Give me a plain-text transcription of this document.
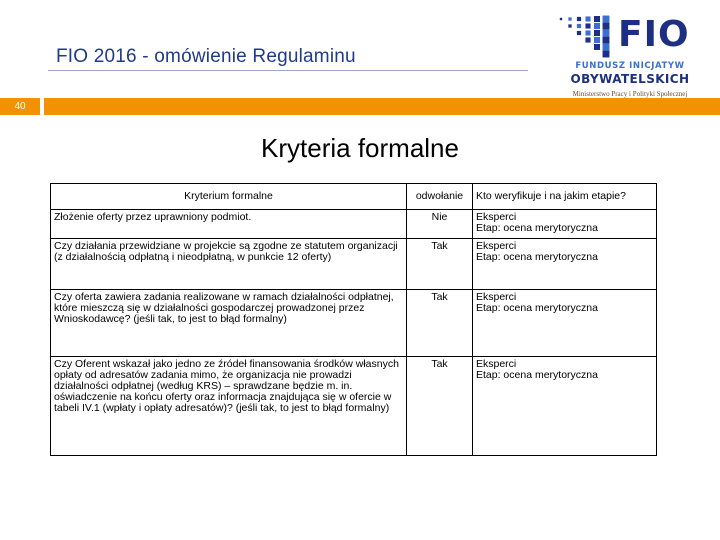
FIO 2016 - omówienie Regulaminu
FIO
FUNDUSZ INICJATYW
OBYWATELSKICH
Ministerstwo Pracy i Polityki Społecznej
40
Kryteria formalne
Kryterium formalne	odwołanie	Kto weryfikuje i na jakim etapie?
Złożenie oferty przez uprawniony podmiot.	Nie	Eksperci
Etap: ocena merytoryczna

Czy działania przewidziane w projekcie są zgodne ze statutem organizacji (z działalnością odpłatną i nieodpłatną, w punkcie 12 oferty)	Tak	Eksperci
Etap: ocena merytoryczna

Czy oferta zawiera zadania realizowane w ramach działalności odpłatnej, które mieszczą się w działalności gospodarczej prowadzonej przez Wnioskodawcę? (jeśli tak, to jest to błąd formalny)	Tak	Eksperci
Etap: ocena merytoryczna

Czy Oferent wskazał jako jedno ze źródeł finansowania środków własnych opłaty od adresatów zadania mimo, że organizacja nie prowadzi działalności odpłatnej (według KRS) – sprawdzane będzie m. in. oświadczenie na końcu oferty oraz informacja znajdująca się w ofercie w tabeli IV.1 (wpłaty i opłaty adresatów)? (jeśli tak, to jest to błąd formalny)	Tak	Eksperci
Etap: ocena merytoryczna
